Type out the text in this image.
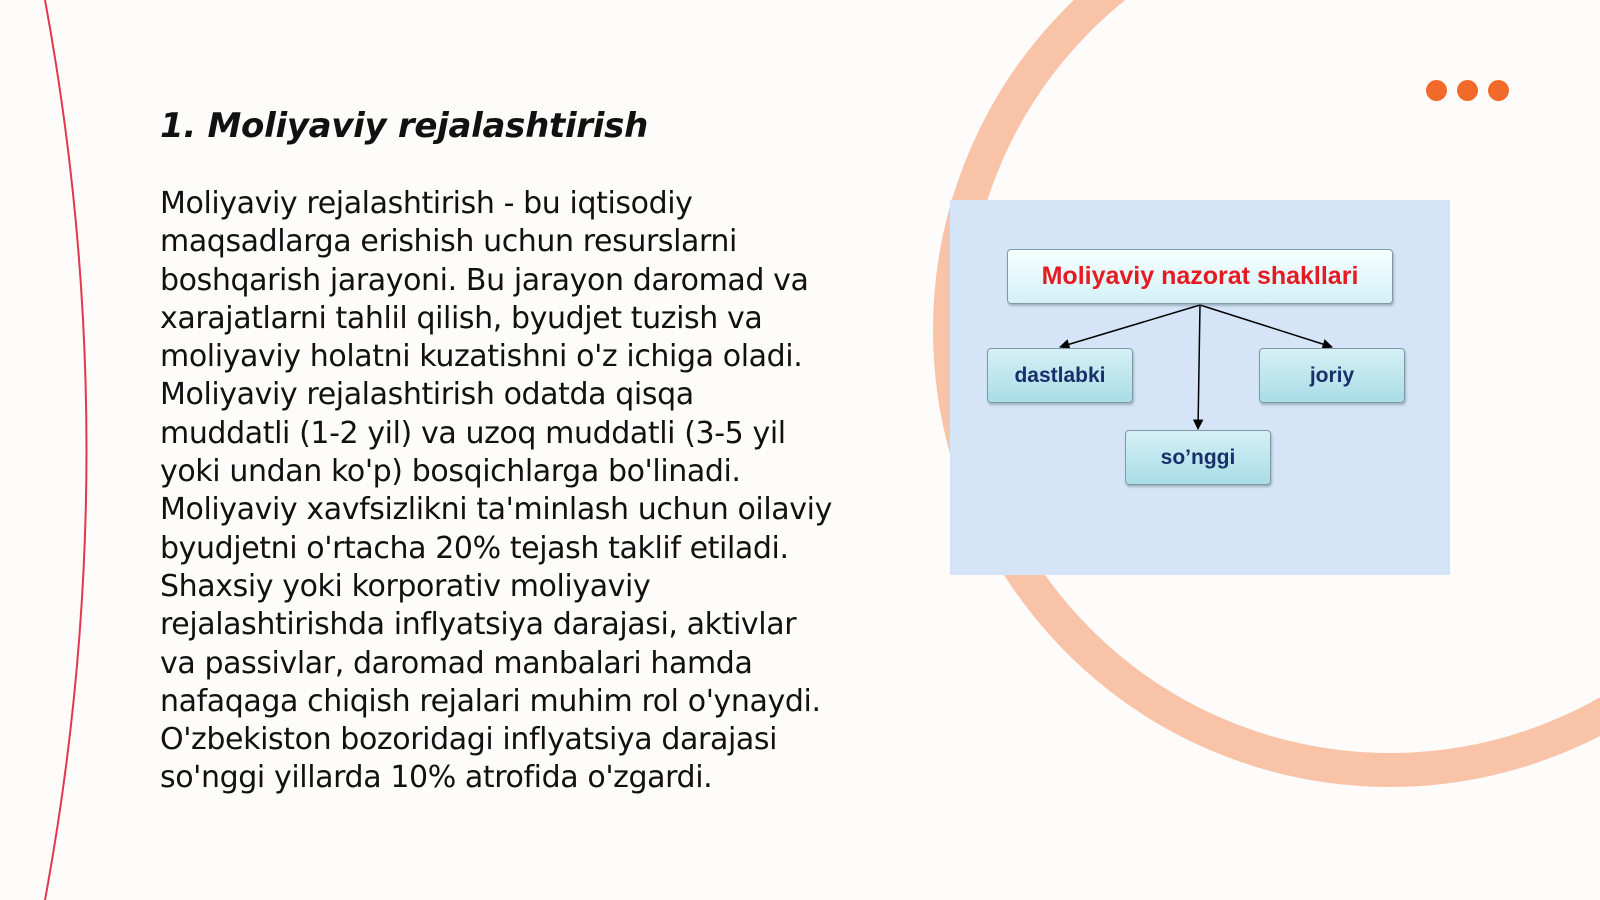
1. Moliyaviy rejalashtirish

Moliyaviy rejalashtirish - bu iqtisodiy
maqsadlarga erishish uchun resurslarni
boshqarish jarayoni. Bu jarayon daromad va
xarajatlarni tahlil qilish, byudjet tuzish va
moliyaviy holatni kuzatishni o'z ichiga oladi.
Moliyaviy rejalashtirish odatda qisqa
muddatli (1-2 yil) va uzoq muddatli (3-5 yil
yoki undan ko'p) bosqichlarga bo'linadi.
Moliyaviy xavfsizlikni ta'minlash uchun oilaviy
byudjetni o'rtacha 20% tejash taklif etiladi.
Shaxsiy yoki korporativ moliyaviy
rejalashtirishda inflyatsiya darajasi, aktivlar
va passivlar, daromad manbalari hamda
nafaqaga chiqish rejalari muhim rol o'ynaydi.
O'zbekiston bozoridagi inflyatsiya darajasi
so'nggi yillarda 10% atrofida o'zgardi.

Moliyaviy nazorat shakllari
dastlabki	joriy
so’nggi
